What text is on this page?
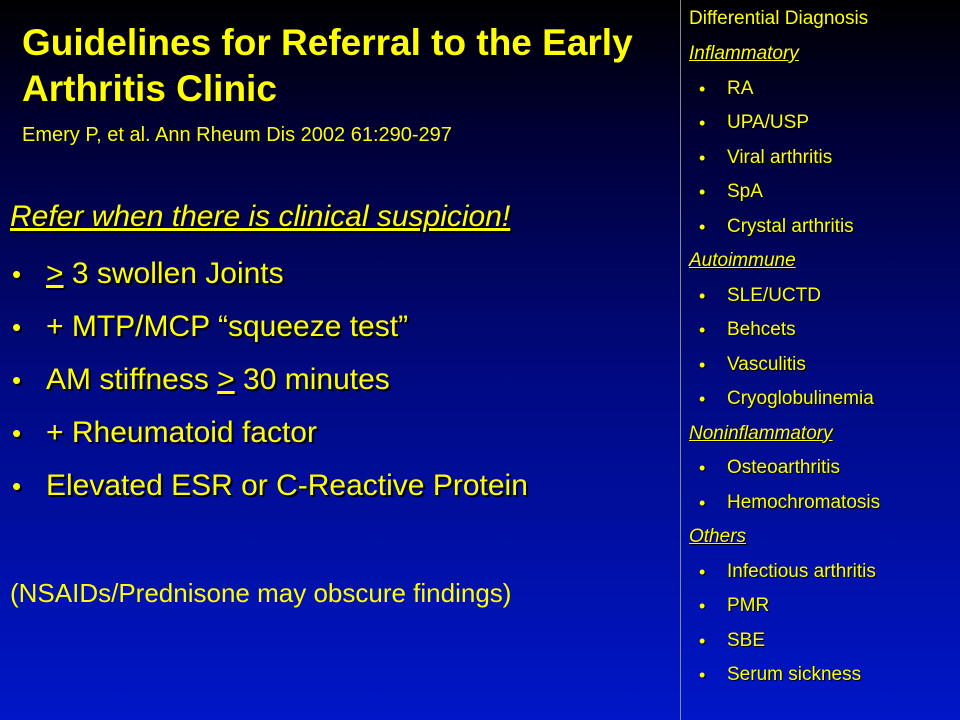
Guidelines for Referral to the Early Arthritis Clinic
Emery P, et al. Ann Rheum Dis 2002 61:290-297
Refer when there is clinical suspicion!
• ≥ 3 swollen Joints
• + MTP/MCP “squeeze test”
• AM stiffness ≥ 30 minutes
• + Rheumatoid factor
• Elevated ESR or C-Reactive Protein
(NSAIDs/Prednisone may obscure findings)
Differential Diagnosis
Inflammatory
• RA
• UPA/USP
• Viral arthritis
• SpA
• Crystal arthritis
Autoimmune
• SLE/UCTD
• Behcets
• Vasculitis
• Cryoglobulinemia
Noninflammatory
• Osteoarthritis
• Hemochromatosis
Others
• Infectious arthritis
• PMR
• SBE
• Serum sickness
